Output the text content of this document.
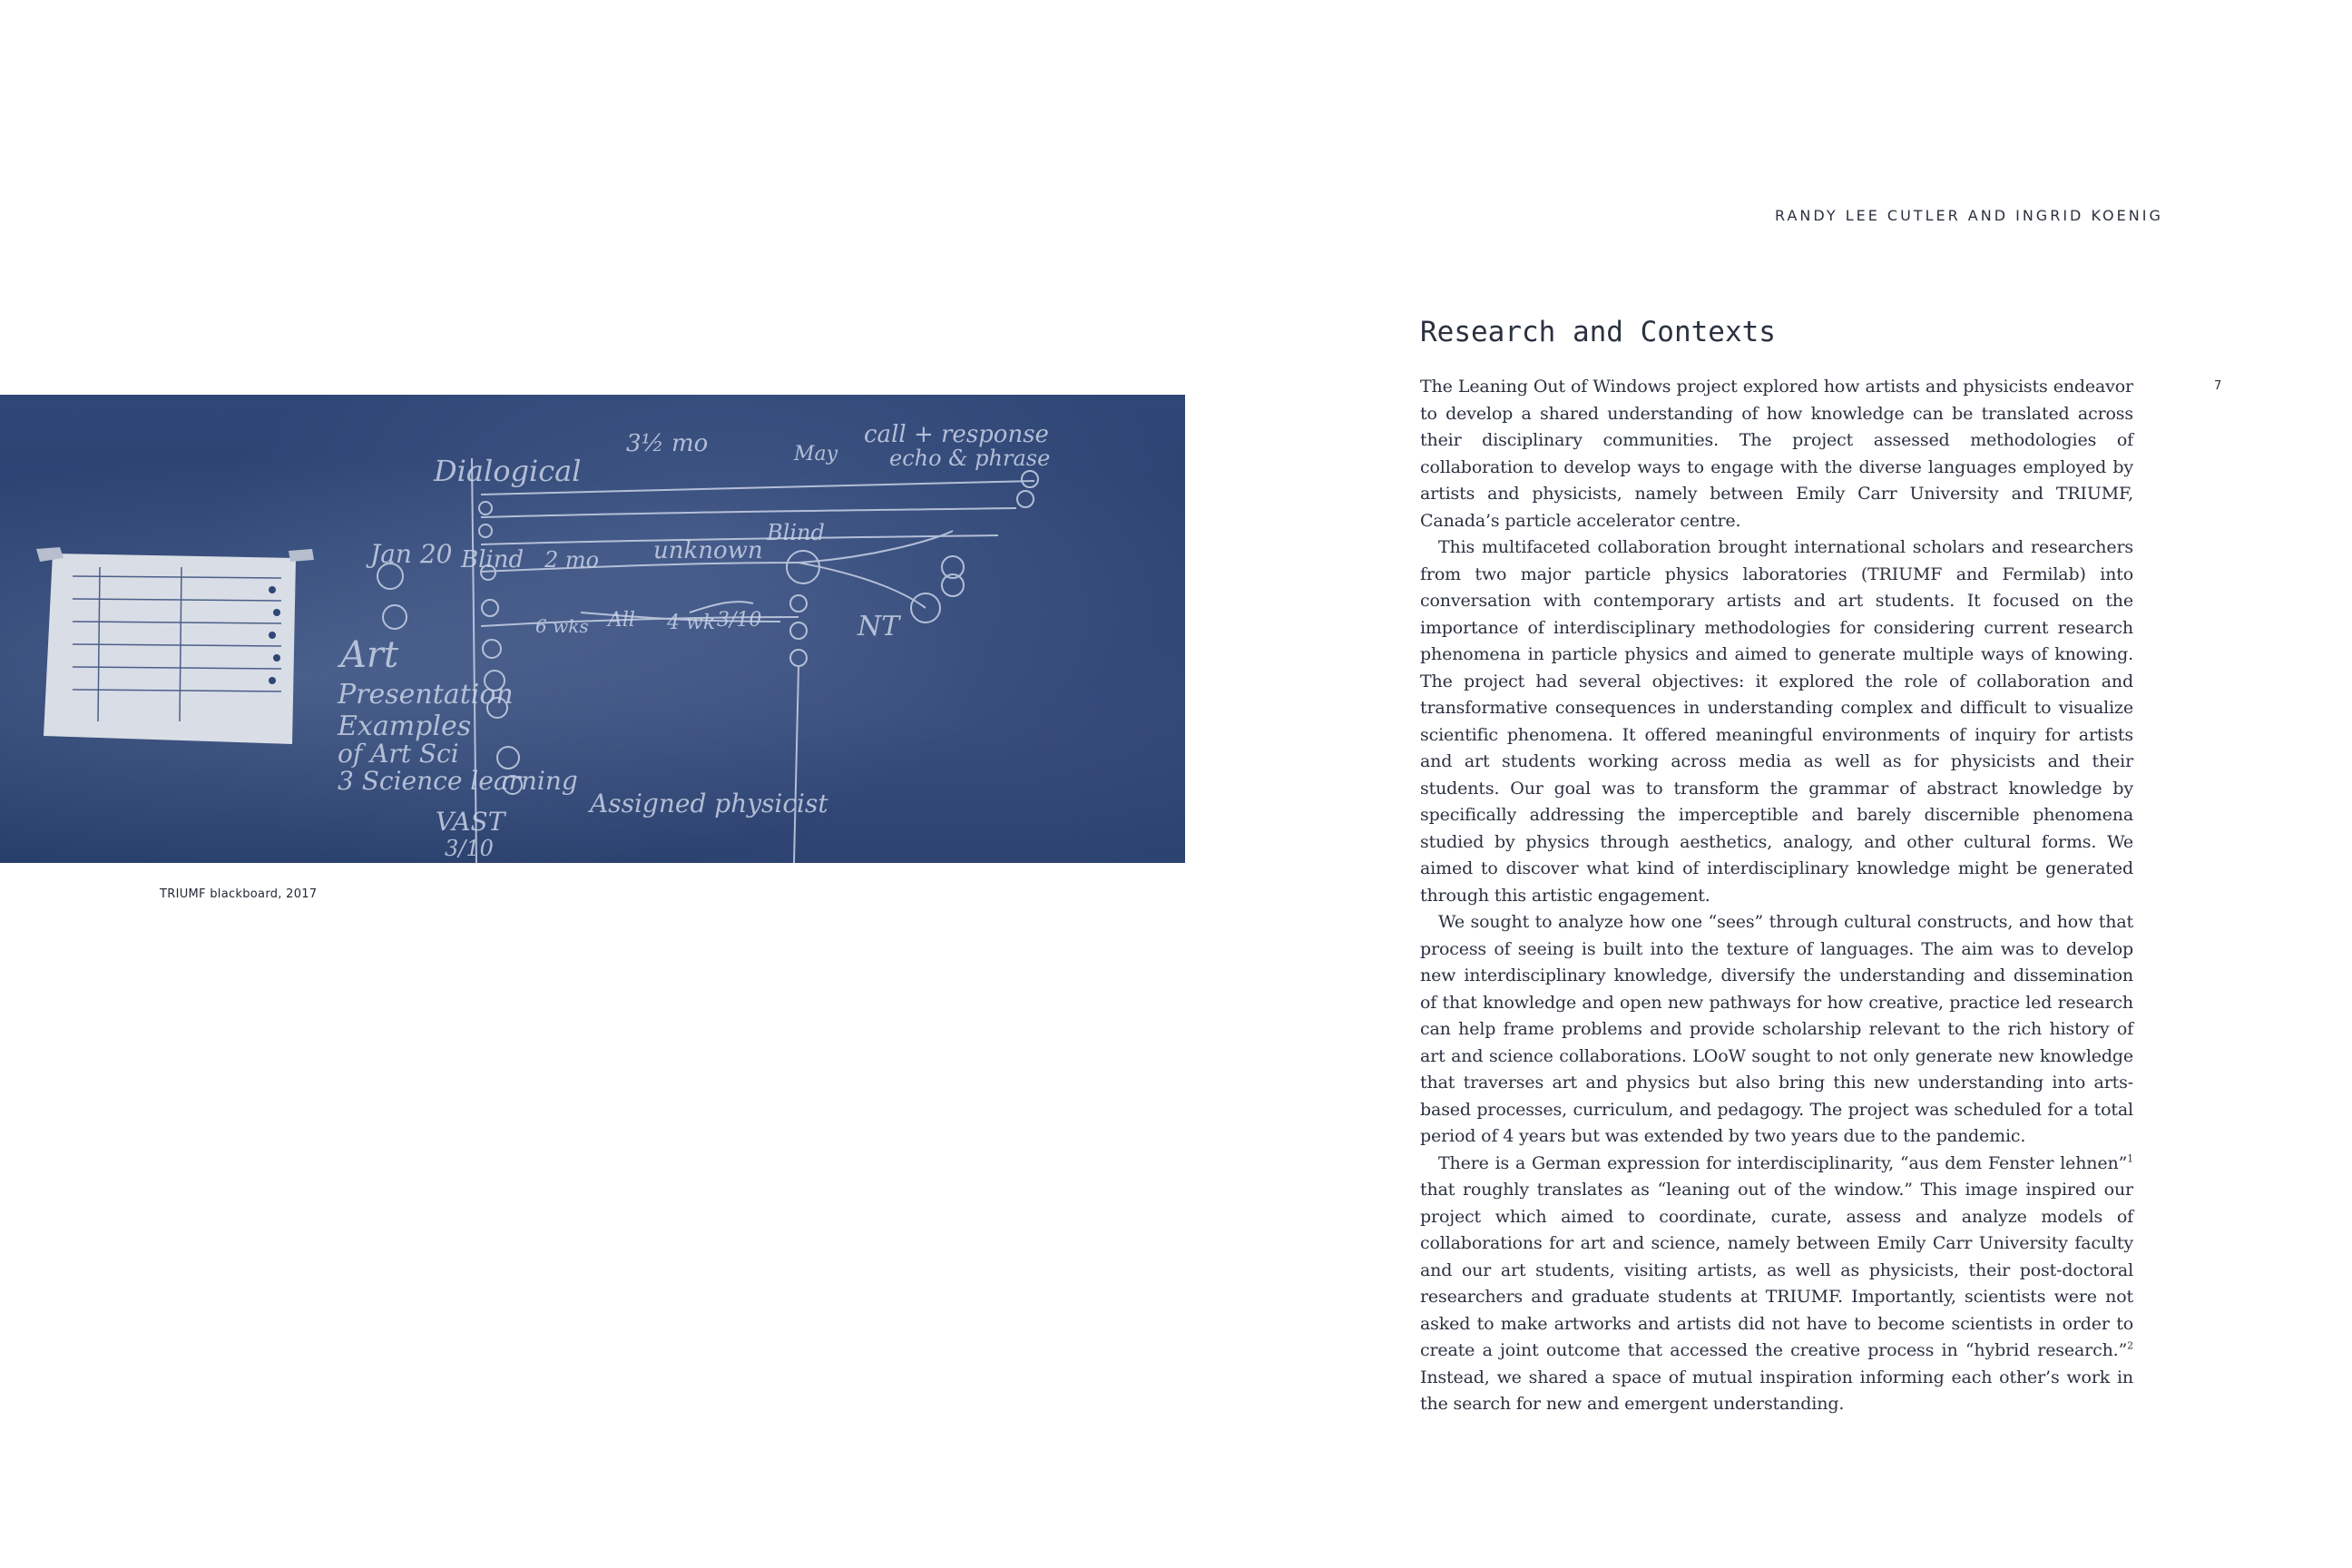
Dialogical
3½ mo	May
call + response
echo & phrase
Jan 20 Blind 2 mo unknown
Blind
Art
Presentation
Examples
of Art Sci
3 Science learning
Assigned physicist
VAST
3/10
6 wks All 4 wk 3/10	NT
TRIUMF blackboard, 2017
RANDY LEE CUTLER AND INGRID KOENIG
Research and Contexts
7

The Leaning Out of Windows project explored how artists and physicists endeavor to develop a shared understanding of how knowledge can be translated across their disciplinary communities. The project assessed methodologies of collaboration to develop ways to engage with the diverse languages employed by artists and physicists, namely between Emily Carr University and TRIUMF, Canada’s particle accelerator centre.

This multifaceted collaboration brought international scholars and researchers from two major particle physics laboratories (TRIUMF and Fermilab) into conversation with contemporary artists and art students. It focused on the importance of interdisciplinary methodologies for considering current research phenomena in particle physics and aimed to generate multiple ways of knowing. The project had several objectives: it explored the role of collaboration and transformative consequences in understanding complex and difficult to visualize scientific phenomena. It offered meaningful environments of inquiry for artists and art students working across media as well as for physicists and their students. Our goal was to transform the grammar of abstract knowledge by specifically addressing the imperceptible and barely discernible phenomena studied by physics through aesthetics, analogy, and other cultural forms. We aimed to discover what kind of interdisciplinary knowledge might be generated through this artistic engagement.

We sought to analyze how one “sees” through cultural constructs, and how that process of seeing is built into the texture of languages. The aim was to develop new interdisciplinary knowledge, diversify the understanding and dissemination of that knowledge and open new pathways for how creative, practice led research can help frame problems and provide scholarship relevant to the rich history of art and science collaborations. LOoW sought to not only generate new knowledge that traverses art and physics but also bring this new understanding into arts-based processes, curriculum, and pedagogy. The project was scheduled for a total period of 4 years but was extended by two years due to the pandemic.

There is a German expression for interdisciplinarity, “aus dem Fenster lehnen”$^1$

that roughly translates as “leaning out of the window.” This image inspired our project which aimed to coordinate, curate, assess and analyze models of collaborations for art and science, namely between Emily Carr University faculty and our art students, visiting artists, as well as physicists, their post-doctoral researchers and graduate students at TRIUMF. Importantly, scientists were not asked to make artworks and artists did not have to become scientists in order to create a joint outcome that accessed the creative process in “hybrid research.”$^2$ Instead, we shared a space of mutual inspiration informing each other’s work in the search for new and emergent understanding.
